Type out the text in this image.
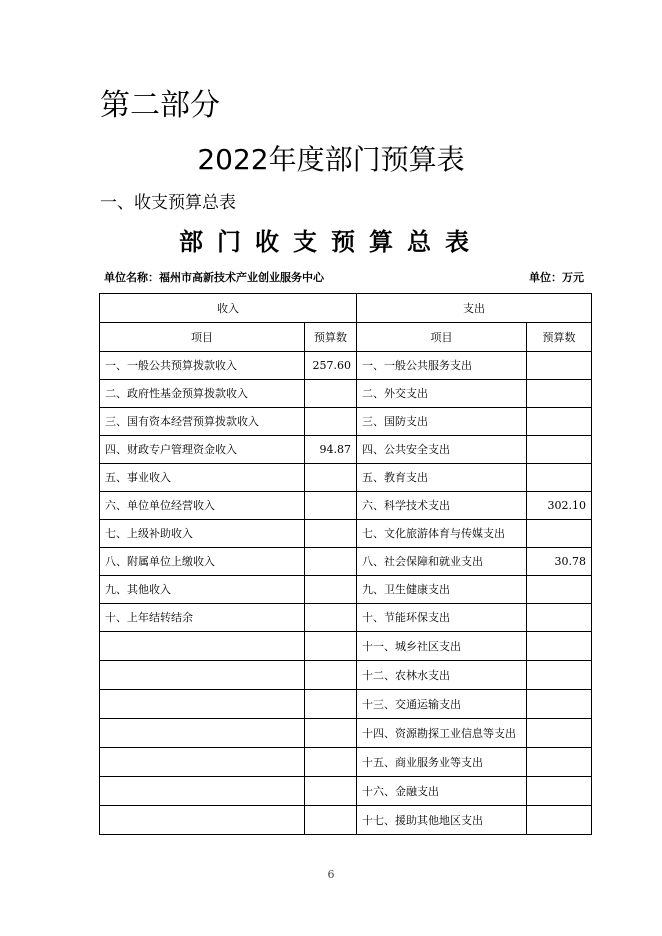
第二部分
2022年度部门预算表
一、收支预算总表
部门收支预算总表
单位名称：福州市高新技术产业创业服务中心	单位：万元
收入		支出	
项目	预算数	项目	预算数
一、一般公共预算拨款收入	257.60	一、一般公共服务支出	
二、政府性基金预算拨款收入		二、外交支出	
三、国有资本经营预算拨款收入		三、国防支出	
四、财政专户管理资金收入	94.87	四、公共安全支出	
五、事业收入		五、教育支出	
六、单位单位经营收入		六、科学技术支出	302.10
七、上级补助收入		七、文化旅游体育与传媒支出	
八、附属单位上缴收入		八、社会保障和就业支出	30.78
九、其他收入		九、卫生健康支出	
十、上年结转结余		十、节能环保支出	
		十一、城乡社区支出	
		十二、农林水支出	
		十三、交通运输支出	
		十四、资源勘探工业信息等支出	
		十五、商业服务业等支出	
		十六、金融支出	
		十七、援助其他地区支出	
6
